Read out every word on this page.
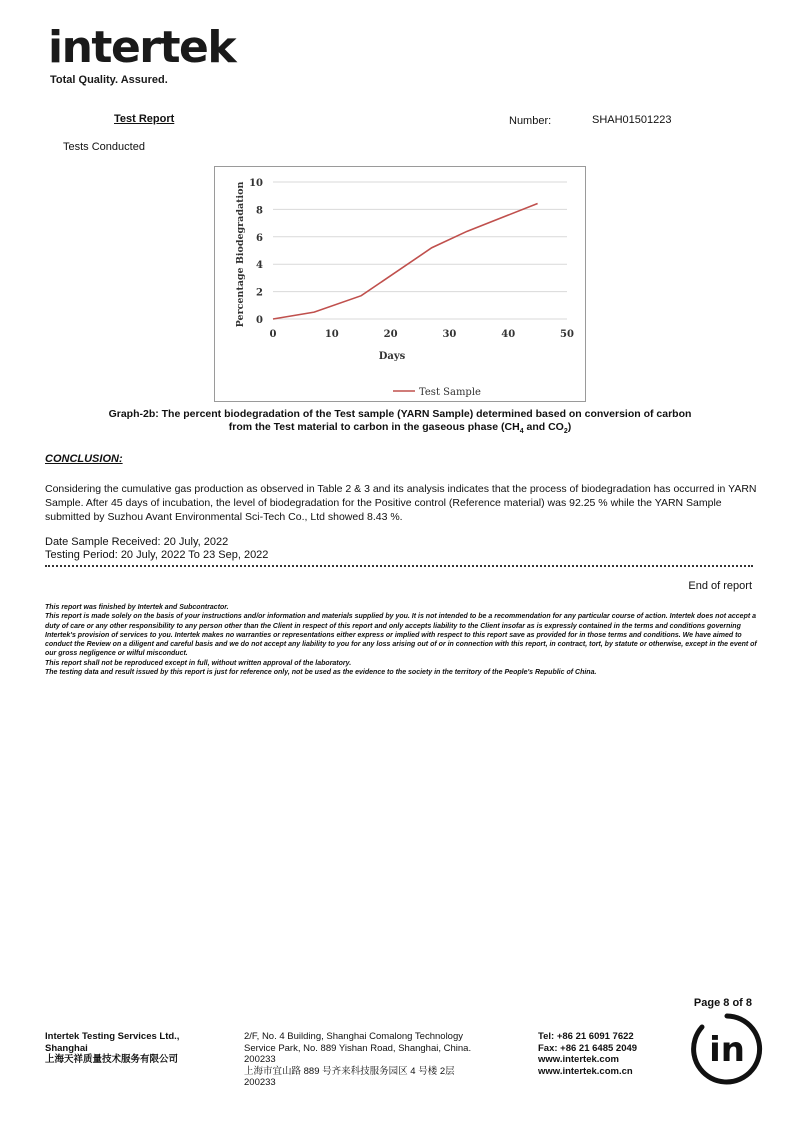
intertek
Total Quality. Assured.
Test Report	Number:	SHAH01501223
Tests Conducted
0
2
4
6
8
10
0	10	20	30	40	50
Days
Percentage Biodegradation
Test Sample
Graph-2b: The percent biodegradation of the Test sample (YARN Sample) determined based on conversion of carbon
from the Test material to carbon in the gaseous phase ($CH_4$ and $CO_2$)
CONCLUSION:
Considering the cumulative gas production as observed in Table 2 & 3 and its analysis indicates that the process of biodegradation has occurred in YARN Sample. After 45 days of incubation, the level of biodegradation for the Positive control (Reference material) was 92.25 % while the YARN Sample submitted by Suzhou Avant Environmental Sci-Tech Co., Ltd showed 8.43 %.
Date Sample Received: 20 July, 2022
Testing Period: 20 July, 2022 To 23 Sep, 2022
End of report
This report was finished by Intertek and Subcontractor.
This report is made solely on the basis of your instructions and/or information and materials supplied by you. It is not intended to be a recommendation for any particular course of action. Intertek does not accept a duty of care or any other responsibility to any person other than the Client in respect of this report and only accepts liability to the Client insofar as is expressly contained in the terms and conditions governing Intertek's provision of services to you. Intertek makes no warranties or representations either express or implied with respect to this report save as provided for in those terms and conditions. We have aimed to conduct the Review on a diligent and careful basis and we do not accept any liability to you for any loss arising out of or in connection with this report, in contract, tort, by statute or otherwise, except in the event of our gross negligence or wilful misconduct.
This report shall not be reproduced except in full, without written approval of the laboratory.
The testing data and result issued by this report is just for reference only, not be used as the evidence to the society in the territory of the People's Republic of China.
Page 8 of 8
Intertek Testing Services Ltd.,
Shanghai
上海天祥质量技术服务有限公司
2/F, No. 4 Building, Shanghai Comalong Technology
Service Park, No. 889 Yishan Road, Shanghai, China.
200233
上海市宜山路 889 号齐来科技服务园区 4 号楼 2层
200233
Tel: +86 21 6091 7622
Fax: +86 21 6485 2049
www.intertek.com
www.intertek.com.cn
in
